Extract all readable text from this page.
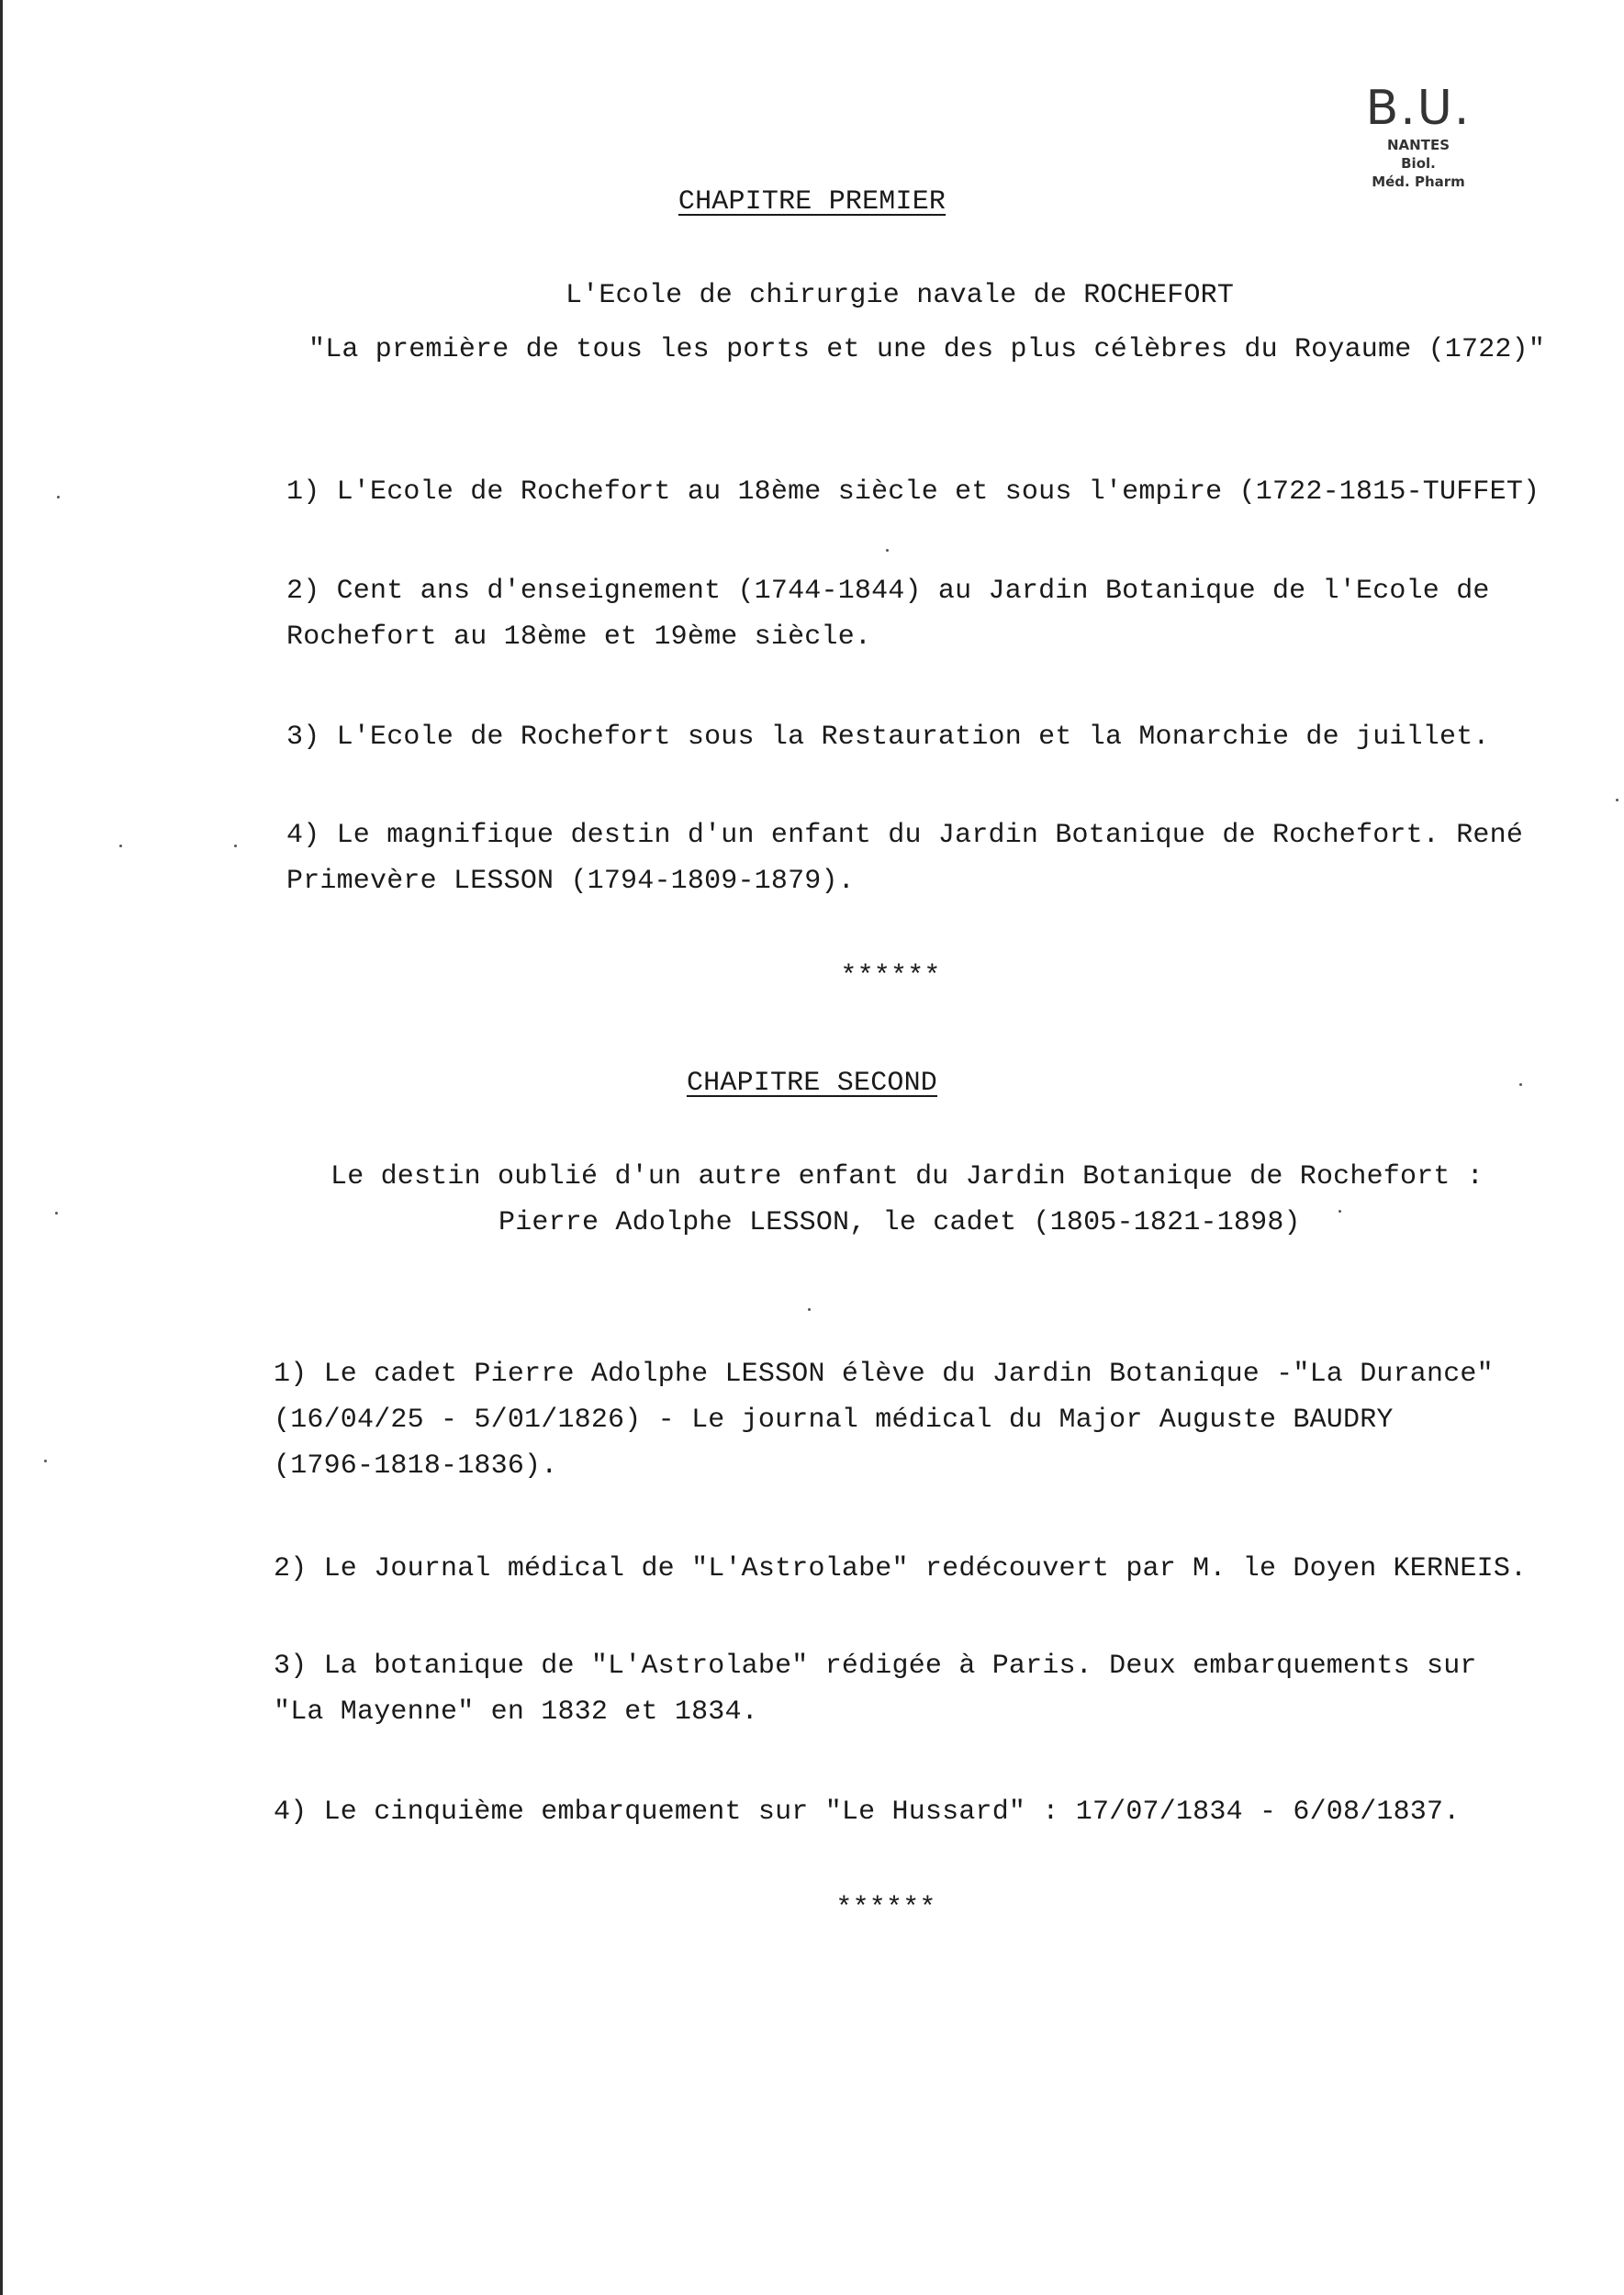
B.U.
NANTES
Biol.
Méd. Pharm
CHAPITRE PREMIER
L'Ecole de chirurgie navale de ROCHEFORT
"La première de tous les ports et une des plus célèbres du Royaume (1722)"
1) L'Ecole de Rochefort au 18ème siècle et sous l'empire (1722-1815-TUFFET)
2) Cent ans d'enseignement (1744-1844) au Jardin Botanique de l'Ecole de
Rochefort au 18ème et 19ème siècle.
3) L'Ecole de Rochefort sous la Restauration et la Monarchie de juillet.
4) Le magnifique destin d'un enfant du Jardin Botanique de Rochefort. René
Primevère LESSON (1794-1809-1879).
******
CHAPITRE SECOND
Le destin oublié d'un autre enfant du Jardin Botanique de Rochefort :
Pierre Adolphe LESSON, le cadet (1805-1821-1898)
1) Le cadet Pierre Adolphe LESSON élève du Jardin Botanique -"La Durance"
(16/04/25 - 5/01/1826) - Le journal médical du Major Auguste BAUDRY
(1796-1818-1836).
2) Le Journal médical de "L'Astrolabe" redécouvert par M. le Doyen KERNEIS.
3) La botanique de "L'Astrolabe" rédigée à Paris. Deux embarquements sur
"La Mayenne" en 1832 et 1834.
4) Le cinquième embarquement sur "Le Hussard" : 17/07/1834 - 6/08/1837.
******
